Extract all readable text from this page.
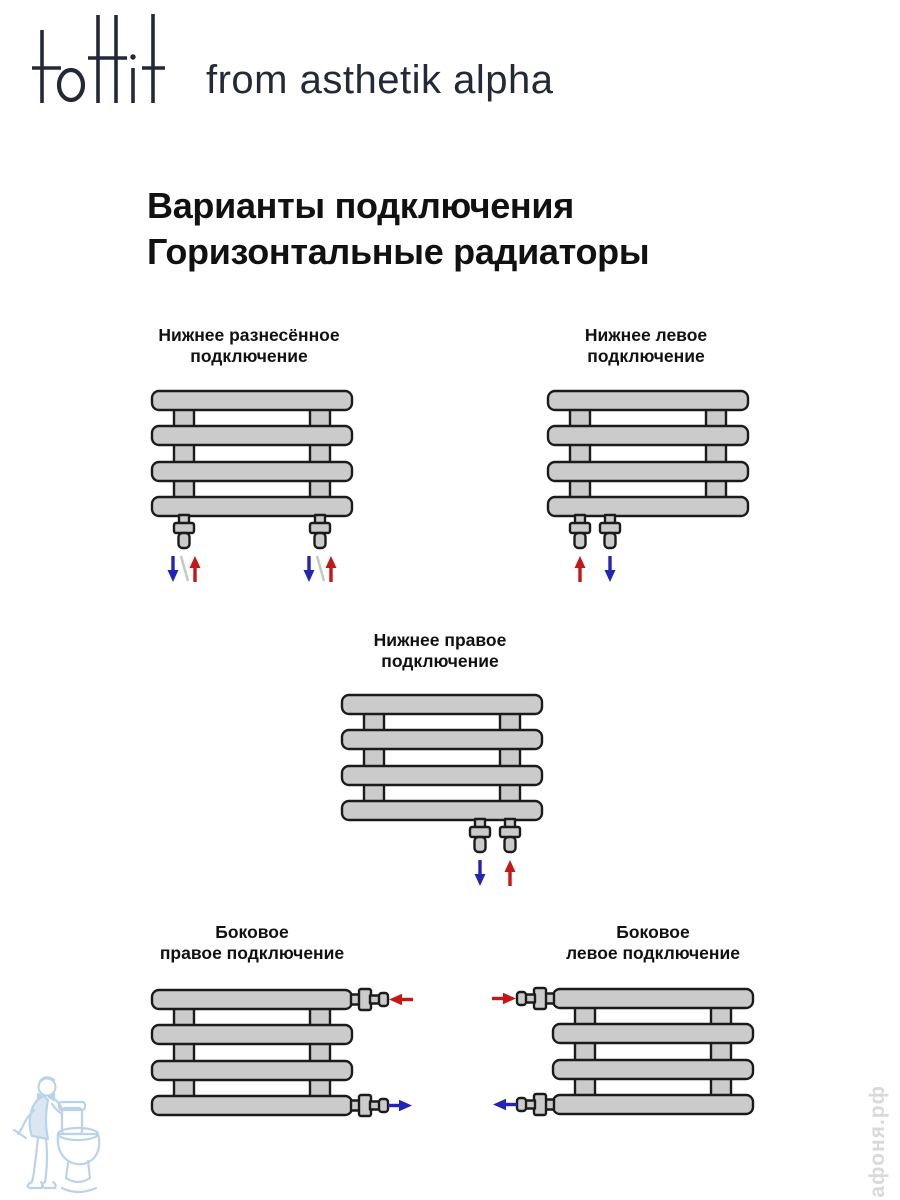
from asthetik alpha
Варианты подключения
Горизонтальные радиаторы
Нижнее разнесённое
подключение
Нижнее левое
подключение
Нижнее правое
подключение
Боковое
правое подключение
Боковое
левое подключение
афоня.рф
